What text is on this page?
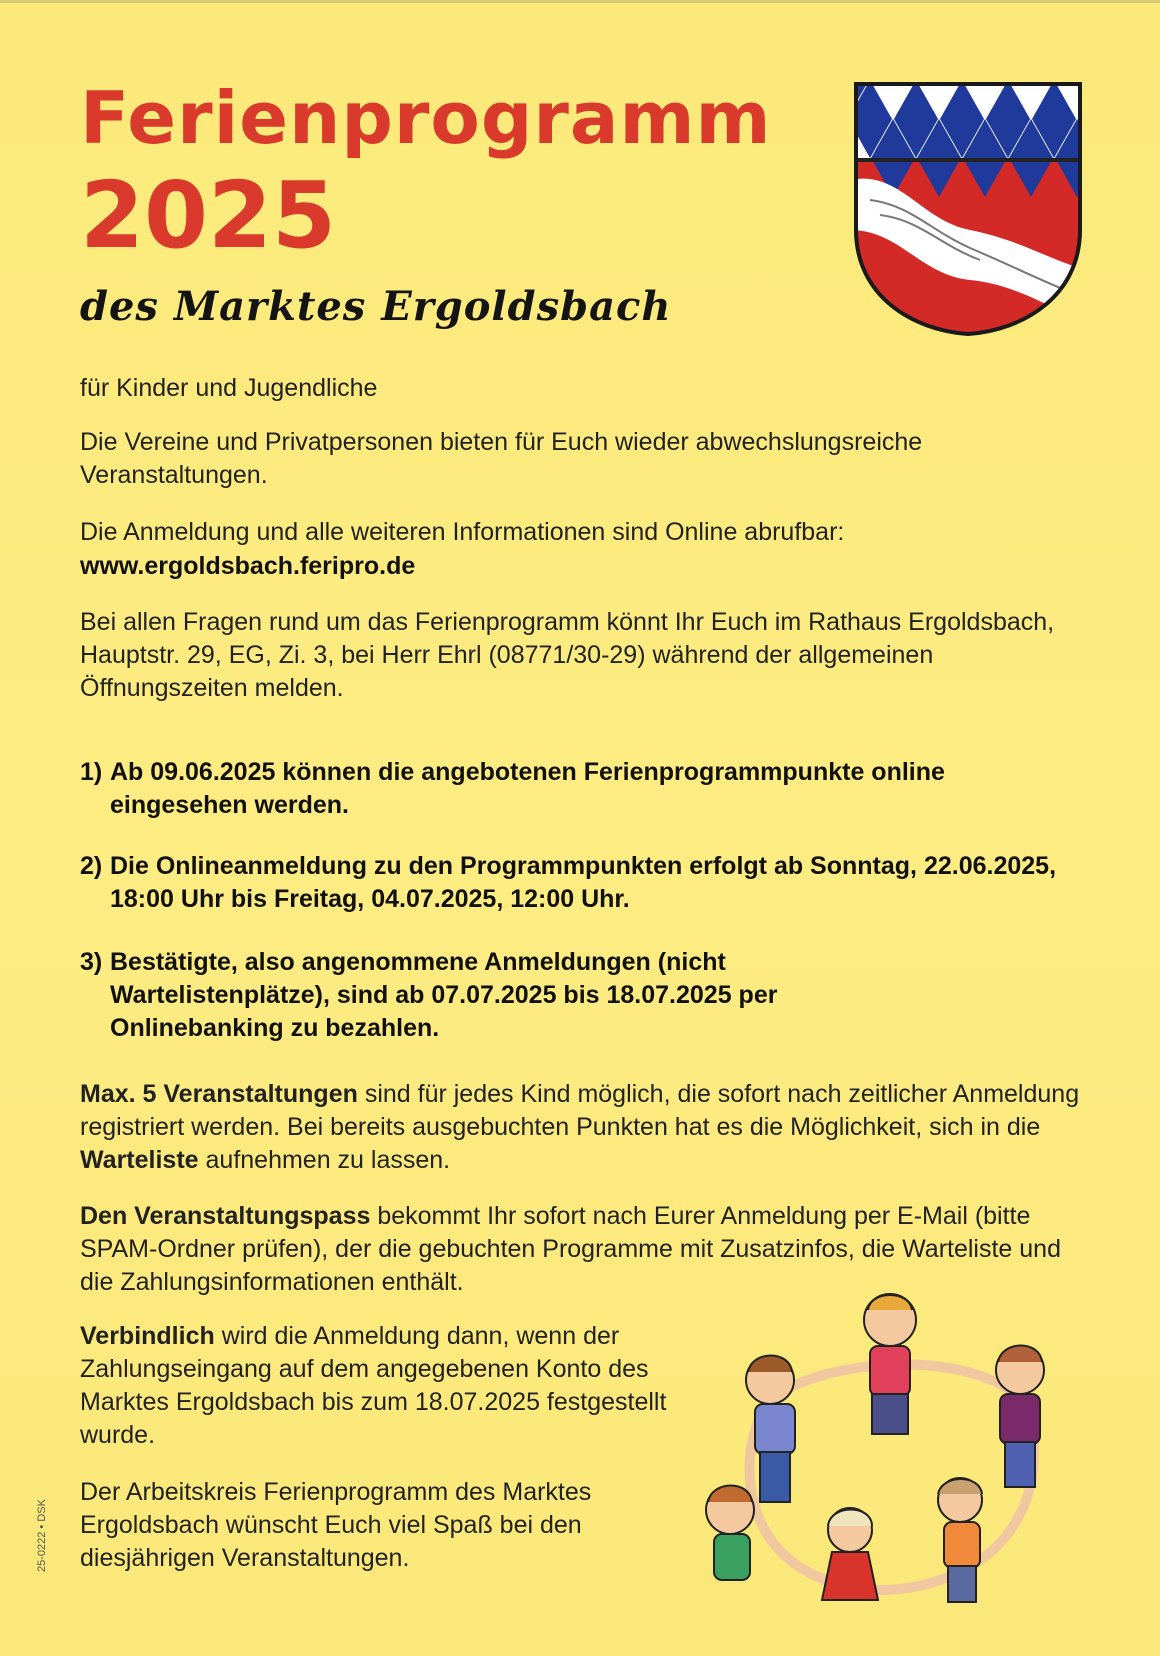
Ferienprogramm
2025
des Marktes Ergoldsbach

für Kinder und Jugendliche

Die Vereine und Privatpersonen bieten für Euch wieder abwechslungsreiche Veranstaltungen.

Die Anmeldung und alle weiteren Informationen sind Online abrufbar:

www.ergoldsbach.feripro.de

Bei allen Fragen rund um das Ferienprogramm könnt Ihr Euch im Rathaus Ergoldsbach, Hauptstr. 29, EG, Zi. 3, bei Herr Ehrl (08771/30-29) während der allgemeinen Öffnungszeiten melden.

1) Ab 09.06.2025 können die angebotenen Ferienprogrammpunkte online eingesehen werden.
2) Die Onlineanmeldung zu den Programmpunkten erfolgt ab Sonntag, 22.06.2025, 18:00 Uhr bis Freitag, 04.07.2025, 12:00 Uhr.
3) Bestätigte, also angenommene Anmeldungen (nicht Wartelistenplätze), sind ab 07.07.2025 bis 18.07.2025 per Onlinebanking zu bezahlen.

Max. 5 Veranstaltungen sind für jedes Kind möglich, die sofort nach zeitlicher Anmeldung registriert werden. Bei bereits ausgebuchten Punkten hat es die Möglichkeit, sich in die Warteliste aufnehmen zu lassen.

Den Veranstaltungspass bekommt Ihr sofort nach Eurer Anmeldung per E-Mail (bitte SPAM-Ordner prüfen), der die gebuchten Programme mit Zusatzinfos, die Warteliste und die Zahlungsinformationen enthält.

Verbindlich wird die Anmeldung dann, wenn der Zahlungseingang auf dem angegebenen Konto des Marktes Ergoldsbach bis zum 18.07.2025 festgestellt wurde.

Der Arbeitskreis Ferienprogramm des Marktes Ergoldsbach wünscht Euch viel Spaß bei den diesjährigen Veranstaltungen.

25-0222 • DSK
